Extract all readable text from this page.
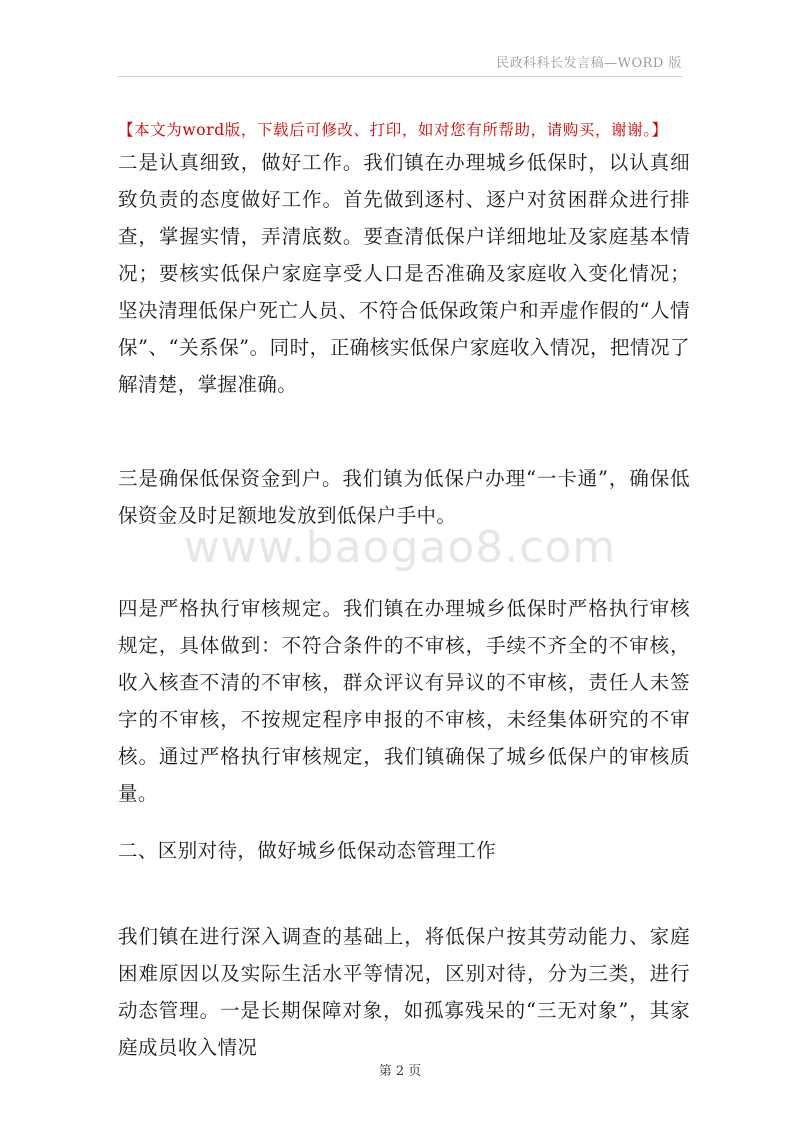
民政科科长发言稿—WORD 版
【本文为word版，下载后可修改、打印，如对您有所帮助，请购买，谢谢。】

二是认真细致，做好工作。我们镇在办理城乡低保时，以认真细致负责的态度做好工作。首先做到逐村、逐户对贫困群众进行排查，掌握实情，弄清底数。要查清低保户详细地址及家庭基本情况；要核实低保户家庭享受人口是否准确及家庭收入变化情况；坚决清理低保户死亡人员、不符合低保政策户和弄虚作假的“人情保”、“关系保”。同时，正确核实低保户家庭收入情况，把情况了解清楚，掌握准确。

三是确保低保资金到户。我们镇为低保户办理“一卡通”，确保低保资金及时足额地发放到低保户手中。

www.baogao8.com

四是严格执行审核规定。我们镇在办理城乡低保时严格执行审核规定，具体做到：不符合条件的不审核，手续不齐全的不审核，收入核查不清的不审核，群众评议有异议的不审核，责任人未签字的不审核，不按规定程序申报的不审核，未经集体研究的不审核。通过严格执行审核规定，我们镇确保了城乡低保户的审核质量。

二、区别对待，做好城乡低保动态管理工作

我们镇在进行深入调查的基础上，将低保户按其劳动能力、家庭困难原因以及实际生活水平等情况，区别对待，分为三类，进行动态管理。一是长期保障对象，如孤寡残呆的“三无对象”，其家庭成员收入情况

第 2 页
